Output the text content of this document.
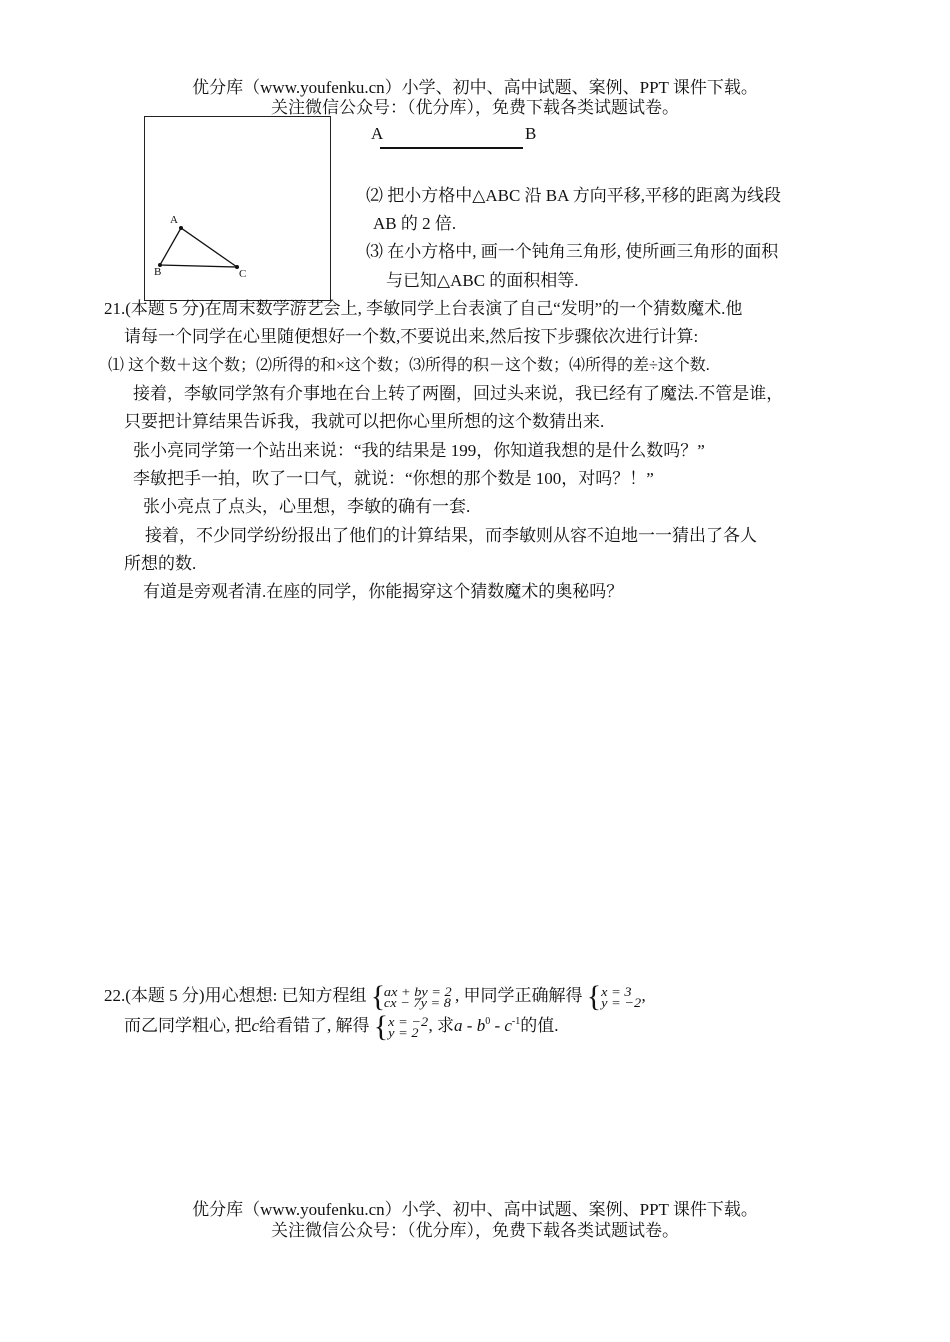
优分库（www.youfenku.cn）小学、初中、高中试题、案例、PPT 课件下载。
关注微信公众号：（优分库），免费下载各类试题试卷。
A
B	C
A	B
⑵ 把小方格中△ABC 沿 BA 方向平移,平移的距离为线段
AB 的 2 倍.
⑶ 在小方格中, 画一个钝角三角形, 使所画三角形的面积
与已知△ABC 的面积相等.
21.(本题 5 分)在周末数学游艺会上, 李敏同学上台表演了自己“发明”的一个猜数魔术.他
请每一个同学在心里随便想好一个数,不要说出来,然后按下步骤依次进行计算:
⑴ 这个数＋这个数；⑵所得的和×这个数；⑶所得的积－这个数；⑷所得的差÷这个数.
接着，李敏同学煞有介事地在台上转了两圈，回过头来说，我已经有了魔法.不管是谁，
只要把计算结果告诉我，我就可以把你心里所想的这个数猜出来.
张小亮同学第一个站出来说：“我的结果是 199，你知道我想的是什么数吗？”
李敏把手一拍，吹了一口气，就说：“你想的那个数是 100，对吗？！”
张小亮点了点头，心里想，李敏的确有一套.
接着，不少同学纷纷报出了他们的计算结果，而李敏则从容不迫地一一猜出了各人
所想的数.
有道是旁观者清.在座的同学，你能揭穿这个猜数魔术的奥秘吗？
22.(本题 5 分)用心想想: 已知方程组 {
ax + by = 2
cx − 7y = 8 , 甲同学正确解得 { x = 3
y = −2 ,
而乙同学粗心, 把c给看错了, 解得 { x = −2
y = 2 , 求a - $b^0 - c^{-1}$的值.
优分库（www.youfenku.cn）小学、初中、高中试题、案例、PPT 课件下载。
关注微信公众号：（优分库），免费下载各类试题试卷。
